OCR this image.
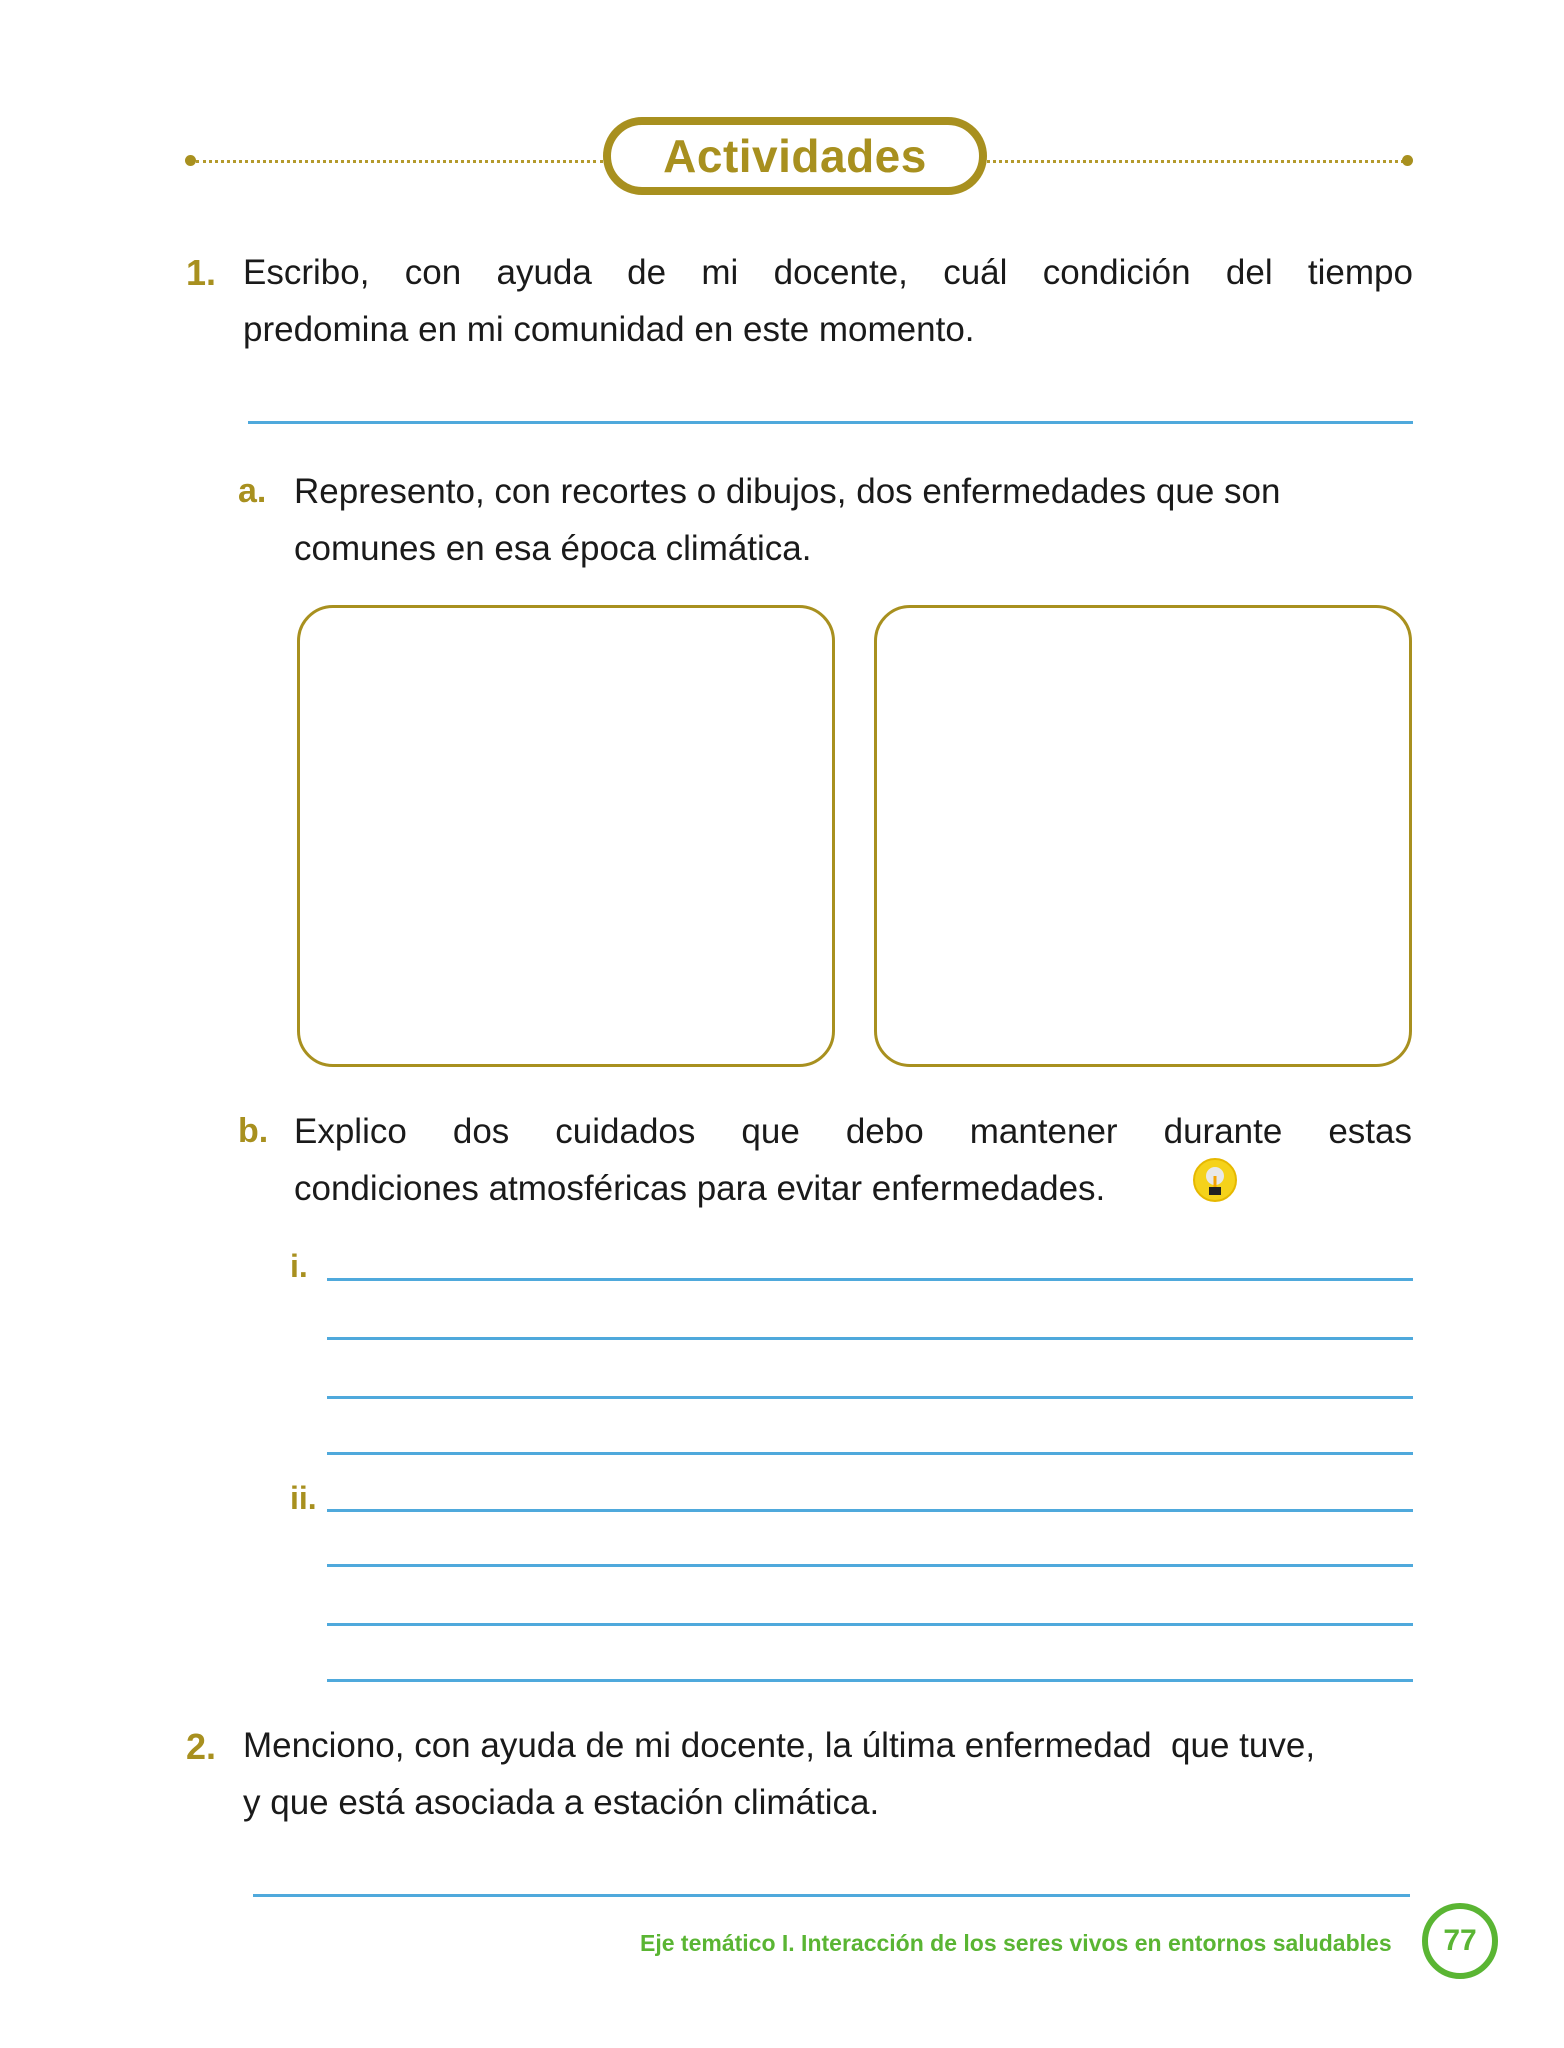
Actividades
1. Escribo, con ayuda de mi docente, cuál condición del tiempo
predomina en mi comunidad en este momento.
a. Represento, con recortes o dibujos, dos enfermedades que son
comunes en esa época climática.
b. Explico dos cuidados que debo mantener durante estas
condiciones atmosféricas para evitar enfermedades.
i.
ii.
2. Menciono, con ayuda de mi docente, la última enfermedad  que tuve,
y que está asociada a estación climática.
Eje temático I. Interacción de los seres vivos en entornos saludables 77
